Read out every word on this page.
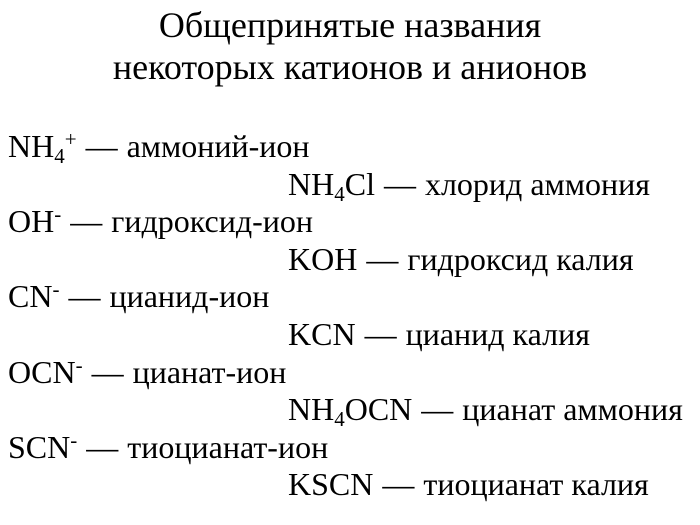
Общепринятые названия
некоторых катионов и анионов
$NH_4^+$ — аммоний-ион
$NH_4Cl$ — хлорид аммония
OH- — гидроксид-ион
KOH — гидроксид калия
CN- — цианид-ион
KCN — цианид калия
OCN- — цианат-ион
$NH_4OCN$ — цианат аммония
SCN- — тиоцианат-ион
KSCN — тиоцианат калия
